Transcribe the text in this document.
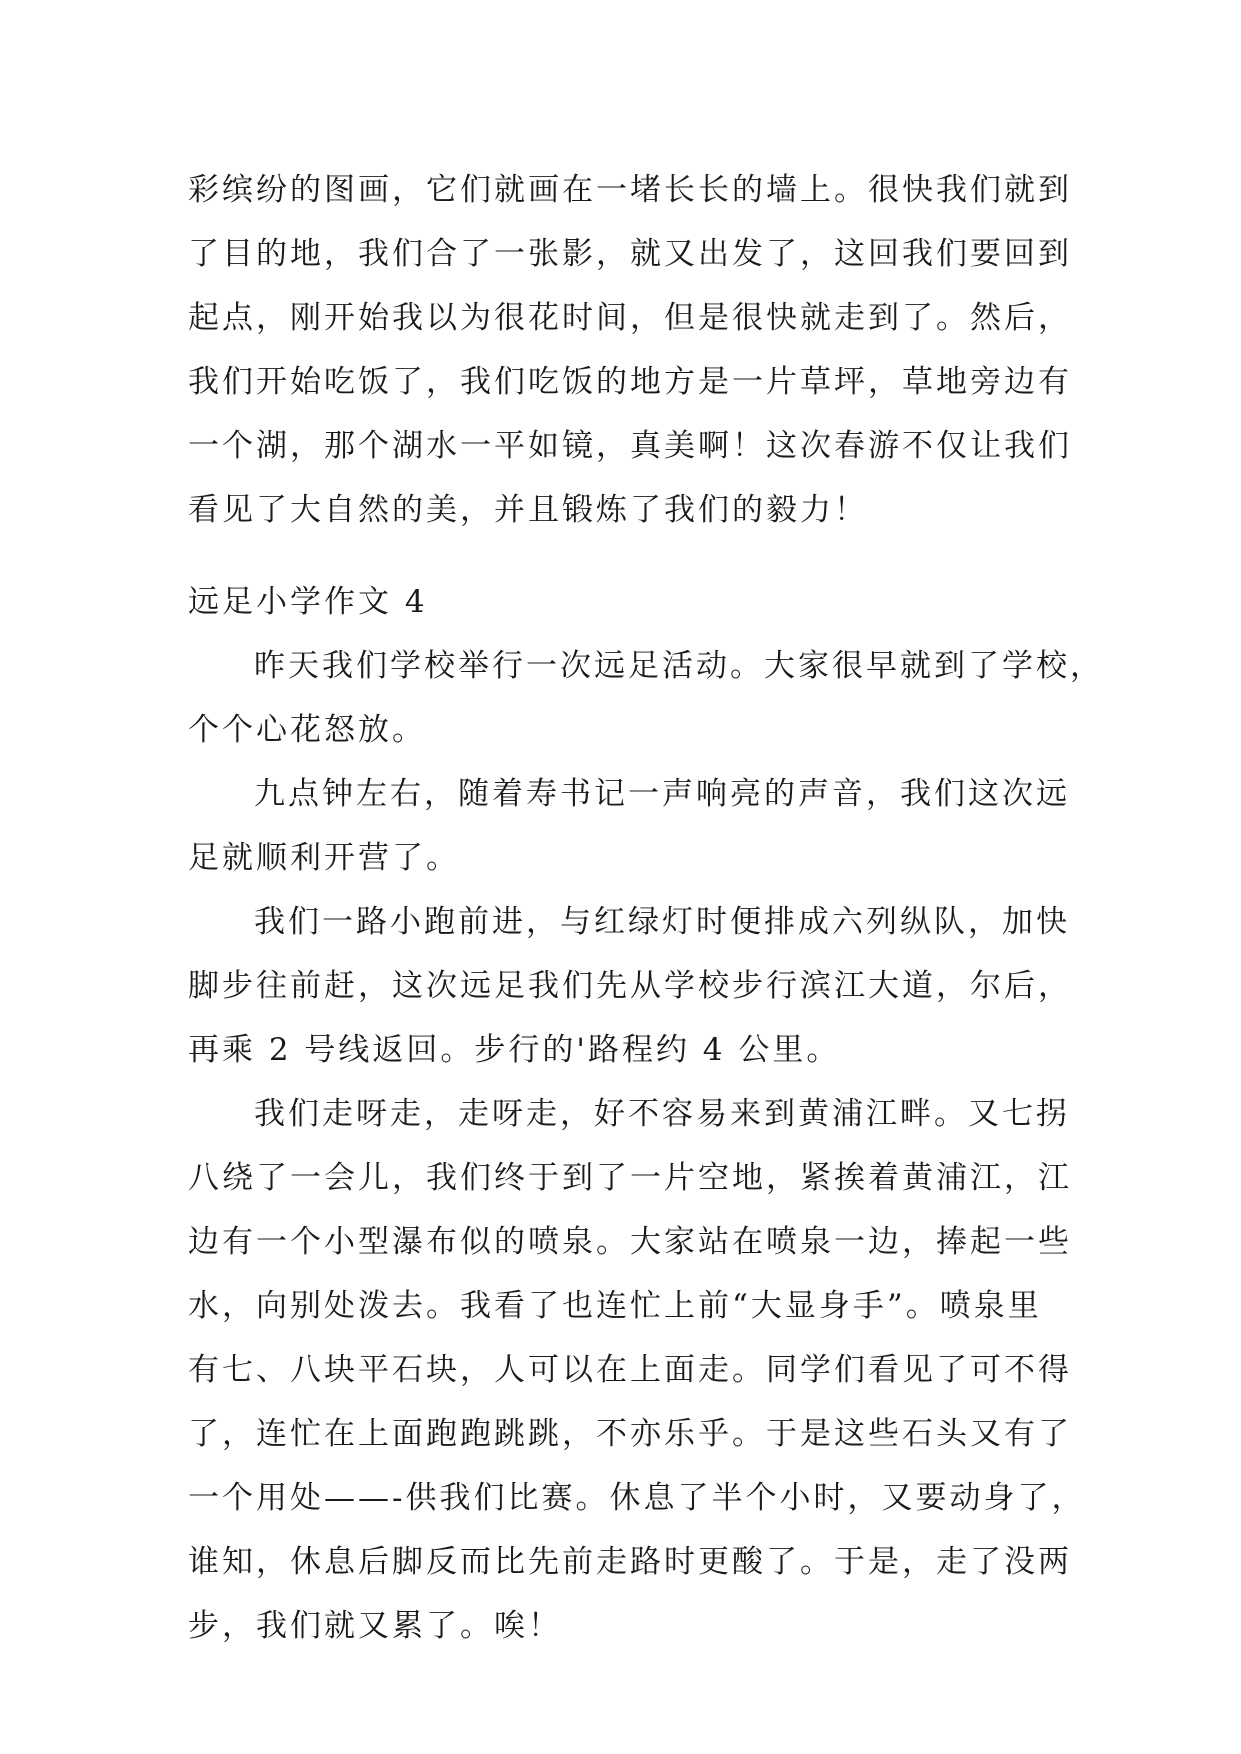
彩缤纷的图画，它们就画在一堵长长的墙上。很快我们就到
了目的地，我们合了一张影，就又出发了，这回我们要回到
起点，刚开始我以为很花时间，但是很快就走到了。然后，
我们开始吃饭了，我们吃饭的地方是一片草坪，草地旁边有
一个湖，那个湖水一平如镜，真美啊！这次春游不仅让我们
看见了大自然的美，并且锻炼了我们的毅力！
远足小学作文 4
昨天我们学校举行一次远足活动。大家很早就到了学校，
个个心花怒放。
九点钟左右，随着寿书记一声响亮的声音，我们这次远
足就顺利开营了。
我们一路小跑前进，与红绿灯时便排成六列纵队，加快
脚步往前赶，这次远足我们先从学校步行滨江大道，尔后，
再乘 2 号线返回。步行的'路程约 4 公里。
我们走呀走，走呀走，好不容易来到黄浦江畔。又七拐
八绕了一会儿，我们终于到了一片空地，紧挨着黄浦江，江
边有一个小型瀑布似的喷泉。大家站在喷泉一边，捧起一些
水，向别处泼去。我看了也连忙上前“大显身手”。喷泉里
有七、八块平石块，人可以在上面走。同学们看见了可不得
了，连忙在上面跑跑跳跳，不亦乐乎。于是这些石头又有了
一个用处——-供我们比赛。休息了半个小时，又要动身了，
谁知，休息后脚反而比先前走路时更酸了。于是，走了没两
步，我们就又累了。唉！
